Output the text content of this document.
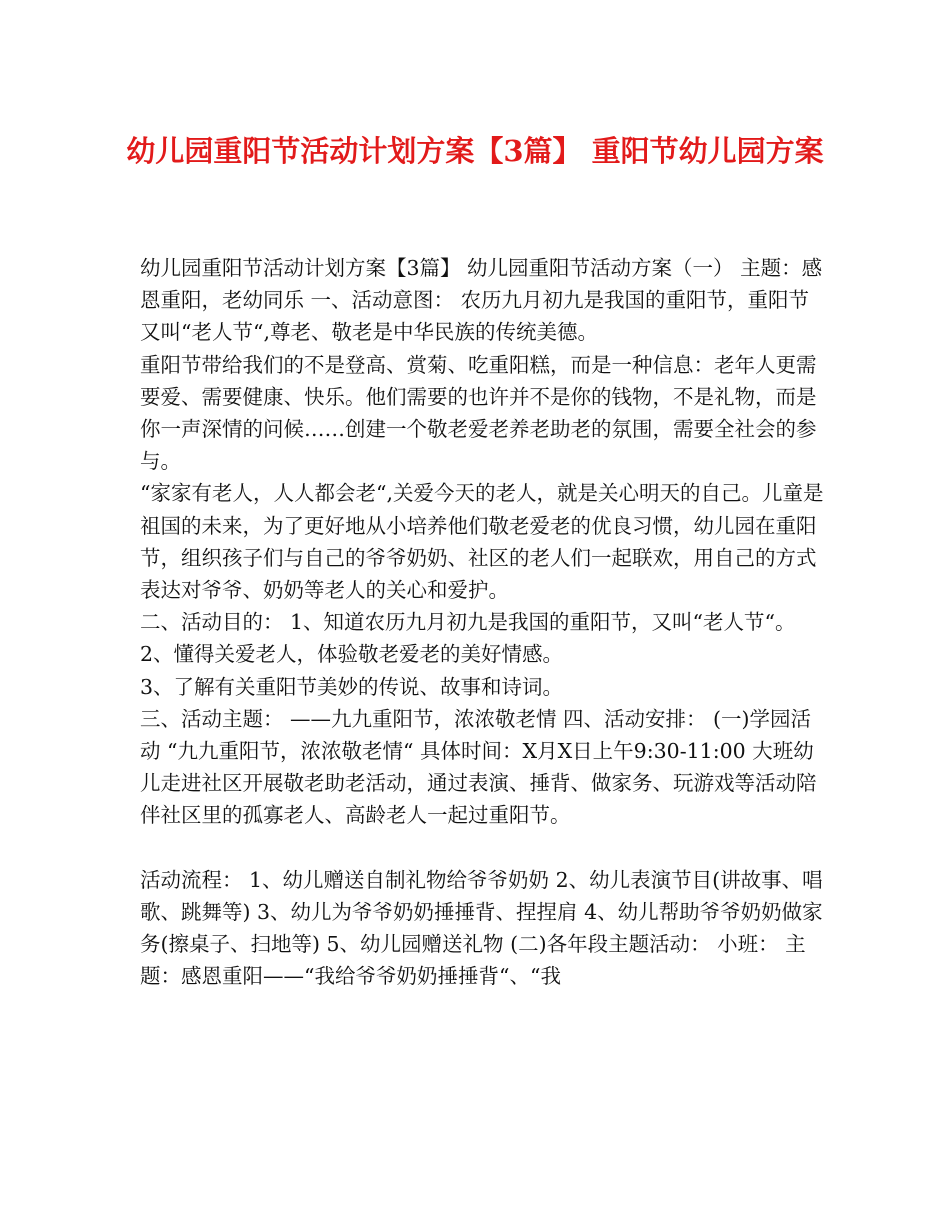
幼儿园重阳节活动计划方案【3篇】 重阳节幼儿园方案

幼儿园重阳节活动计划方案【3篇】 幼儿园重阳节活动方案（一） 主题：感恩重阳，老幼同乐 一、活动意图： 农历九月初九是我国的重阳节，重阳节又叫“老人节“,尊老、敬老是中华民族的传统美德。

重阳节带给我们的不是登高、赏菊、吃重阳糕，而是一种信息：老年人更需要爱、需要健康、快乐。他们需要的也许并不是你的钱物，不是礼物，而是你一声深情的问候……创建一个敬老爱老养老助老的氛围，需要全社会的参与。

“家家有老人，人人都会老“,关爱今天的老人，就是关心明天的自己。儿童是祖国的未来，为了更好地从小培养他们敬老爱老的优良习惯，幼儿园在重阳节，组织孩子们与自己的爷爷奶奶、社区的老人们一起联欢，用自己的方式表达对爷爷、奶奶等老人的关心和爱护。

二、活动目的： 1、知道农历九月初九是我国的重阳节，又叫“老人节“。

2、懂得关爱老人，体验敬老爱老的美好情感。

3、了解有关重阳节美妙的传说、故事和诗词。

三、活动主题： ——九九重阳节，浓浓敬老情 四、活动安排： (一)学园活动 “九九重阳节，浓浓敬老情“ 具体时间：X月X日上午9:30-11:00 大班幼儿走进社区开展敬老助老活动，通过表演、捶背、做家务、玩游戏等活动陪伴社区里的孤寡老人、高龄老人一起过重阳节。

活动流程： 1、幼儿赠送自制礼物给爷爷奶奶 2、幼儿表演节目(讲故事、唱歌、跳舞等) 3、幼儿为爷爷奶奶捶捶背、捏捏肩 4、幼儿帮助爷爷奶奶做家务(擦桌子、扫地等) 5、幼儿园赠送礼物 (二)各年段主题活动： 小班： 主题：感恩重阳——“我给爷爷奶奶捶捶背“、“我
